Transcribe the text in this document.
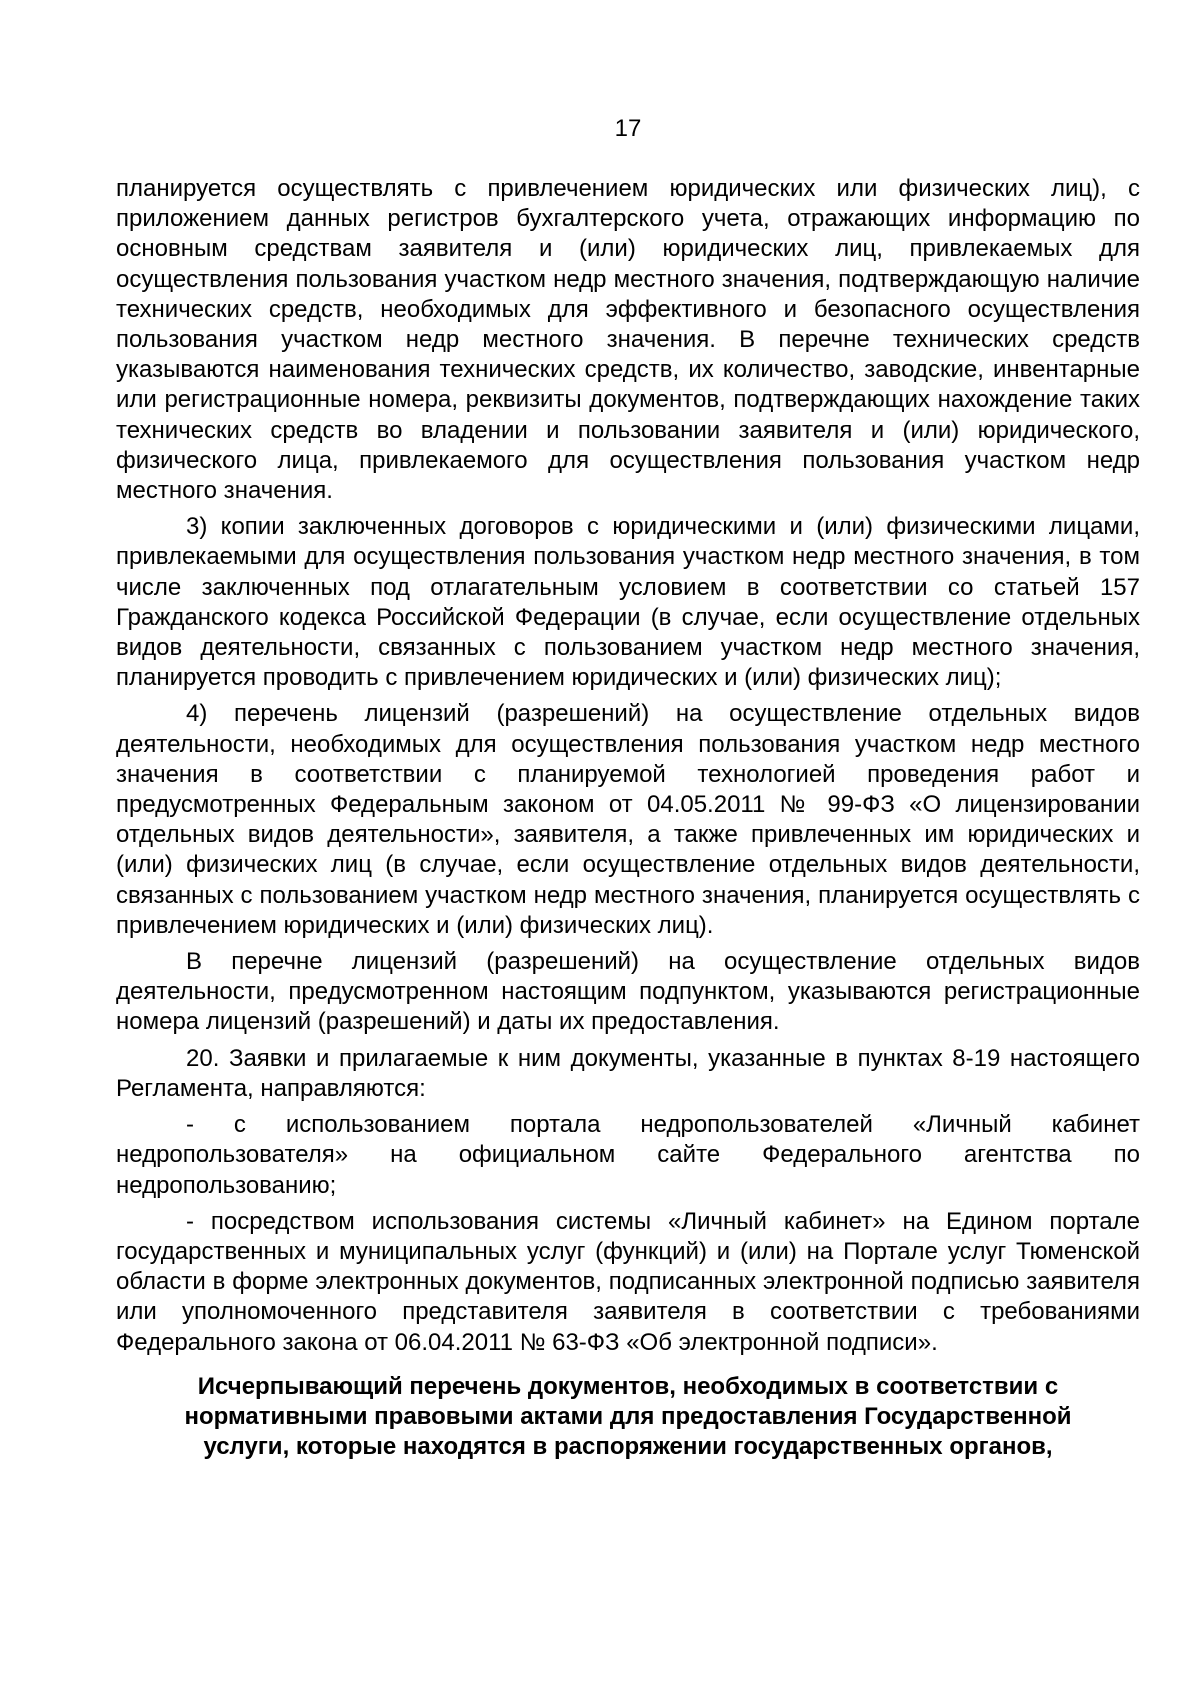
17

планируется осуществлять с привлечением юридических или физических лиц), с приложением данных регистров бухгалтерского учета, отражающих информацию по основным средствам заявителя и (или) юридических лиц, привлекаемых для осуществления пользования участком недр местного значения, подтверждающую наличие технических средств, необходимых для эффективного и безопасного осуществления пользования участком недр местного значения. В перечне технических средств указываются наименования технических средств, их количество, заводские, инвентарные или регистрационные номера, реквизиты документов, подтверждающих нахождение таких технических средств во владении и пользовании заявителя и (или) юридического, физического лица, привлекаемого для осуществления пользования участком недр местного значения.

3) копии заключенных договоров с юридическими и (или) физическими лицами, привлекаемыми для осуществления пользования участком недр местного значения, в том числе заключенных под отлагательным условием в соответствии со статьей 157 Гражданского кодекса Российской Федерации (в случае, если осуществление отдельных видов деятельности, связанных с пользованием участком недр местного значения, планируется проводить с привлечением юридических и (или) физических лиц);

4) перечень лицензий (разрешений) на осуществление отдельных видов деятельности, необходимых для осуществления пользования участком недр местного значения в соответствии с планируемой технологией проведения работ и предусмотренных Федеральным законом от 04.05.2011 № 99-ФЗ «О лицензировании отдельных видов деятельности», заявителя, а также привлеченных им юридических и (или) физических лиц (в случае, если осуществление отдельных видов деятельности, связанных с пользованием участком недр местного значения, планируется осуществлять с привлечением юридических и (или) физических лиц).

В перечне лицензий (разрешений) на осуществление отдельных видов деятельности, предусмотренном настоящим подпунктом, указываются регистрационные номера лицензий (разрешений) и даты их предоставления.

20. Заявки и прилагаемые к ним документы, указанные в пунктах 8-19 настоящего Регламента, направляются:

- с использованием портала недропользователей «Личный кабинет недропользователя» на официальном сайте Федерального агентства по недропользованию;

- посредством использования системы «Личный кабинет» на Едином портале государственных и муниципальных услуг (функций) и (или) на Портале услуг Тюменской области в форме электронных документов, подписанных электронной подписью заявителя или уполномоченного представителя заявителя в соответствии с требованиями Федерального закона от 06.04.2011 № 63-ФЗ «Об электронной подписи».

Исчерпывающий перечень документов, необходимых в соответствии с нормативными правовыми актами для предоставления Государственной услуги, которые находятся в распоряжении государственных органов,
